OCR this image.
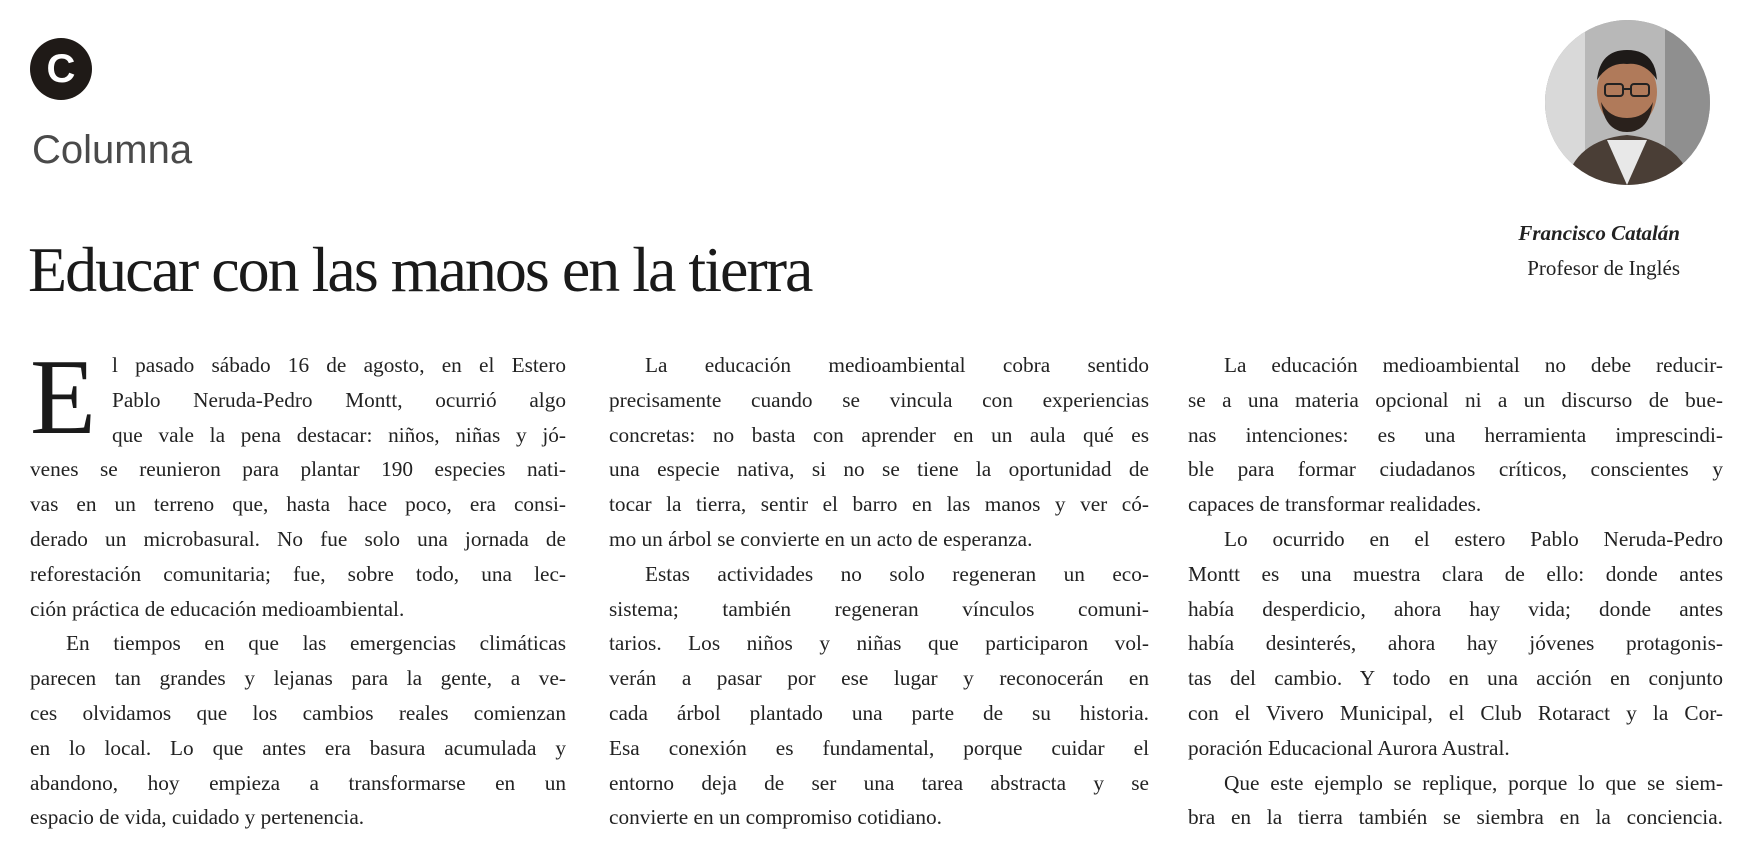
C
Columna
Francisco Catalán
Profesor de Inglés
Educar con las manos en la tierra
E l pasado sábado 16 de agosto, en el Estero
Pablo Neruda-Pedro Montt, ocurrió algo
que vale la pena destacar: niños, niñas y jó-
venes se reunieron para plantar 190 especies nati-
vas en un terreno que, hasta hace poco, era consi-
derado un microbasural. No fue solo una jornada de
reforestación comunitaria; fue, sobre todo, una lec-
ción práctica de educación medioambiental.
En tiempos en que las emergencias climáticas
parecen tan grandes y lejanas para la gente, a ve-
ces olvidamos que los cambios reales comienzan
en lo local. Lo que antes era basura acumulada y
abandono, hoy empieza a transformarse en un
espacio de vida, cuidado y pertenencia.
La educación medioambiental cobra sentido
precisamente cuando se vincula con experiencias
concretas: no basta con aprender en un aula qué es
una especie nativa, si no se tiene la oportunidad de
tocar la tierra, sentir el barro en las manos y ver có-
mo un árbol se convierte en un acto de esperanza.
Estas actividades no solo regeneran un eco-
sistema; también regeneran vínculos comuni-
tarios. Los niños y niñas que participaron vol-
verán a pasar por ese lugar y reconocerán en
cada árbol plantado una parte de su historia.
Esa conexión es fundamental, porque cuidar el
entorno deja de ser una tarea abstracta y se
convierte en un compromiso cotidiano.
La educación medioambiental no debe reducir-
se a una materia opcional ni a un discurso de bue-
nas intenciones: es una herramienta imprescindi-
ble para formar ciudadanos críticos, conscientes y
capaces de transformar realidades.
Lo ocurrido en el estero Pablo Neruda-Pedro
Montt es una muestra clara de ello: donde antes
había desperdicio, ahora hay vida; donde antes
había desinterés, ahora hay jóvenes protagonis-
tas del cambio. Y todo en una acción en conjunto
con el Vivero Municipal, el Club Rotaract y la Cor-
poración Educacional Aurora Austral.
Que este ejemplo se replique, porque lo que se siem-
bra en la tierra también se siembra en la conciencia.
